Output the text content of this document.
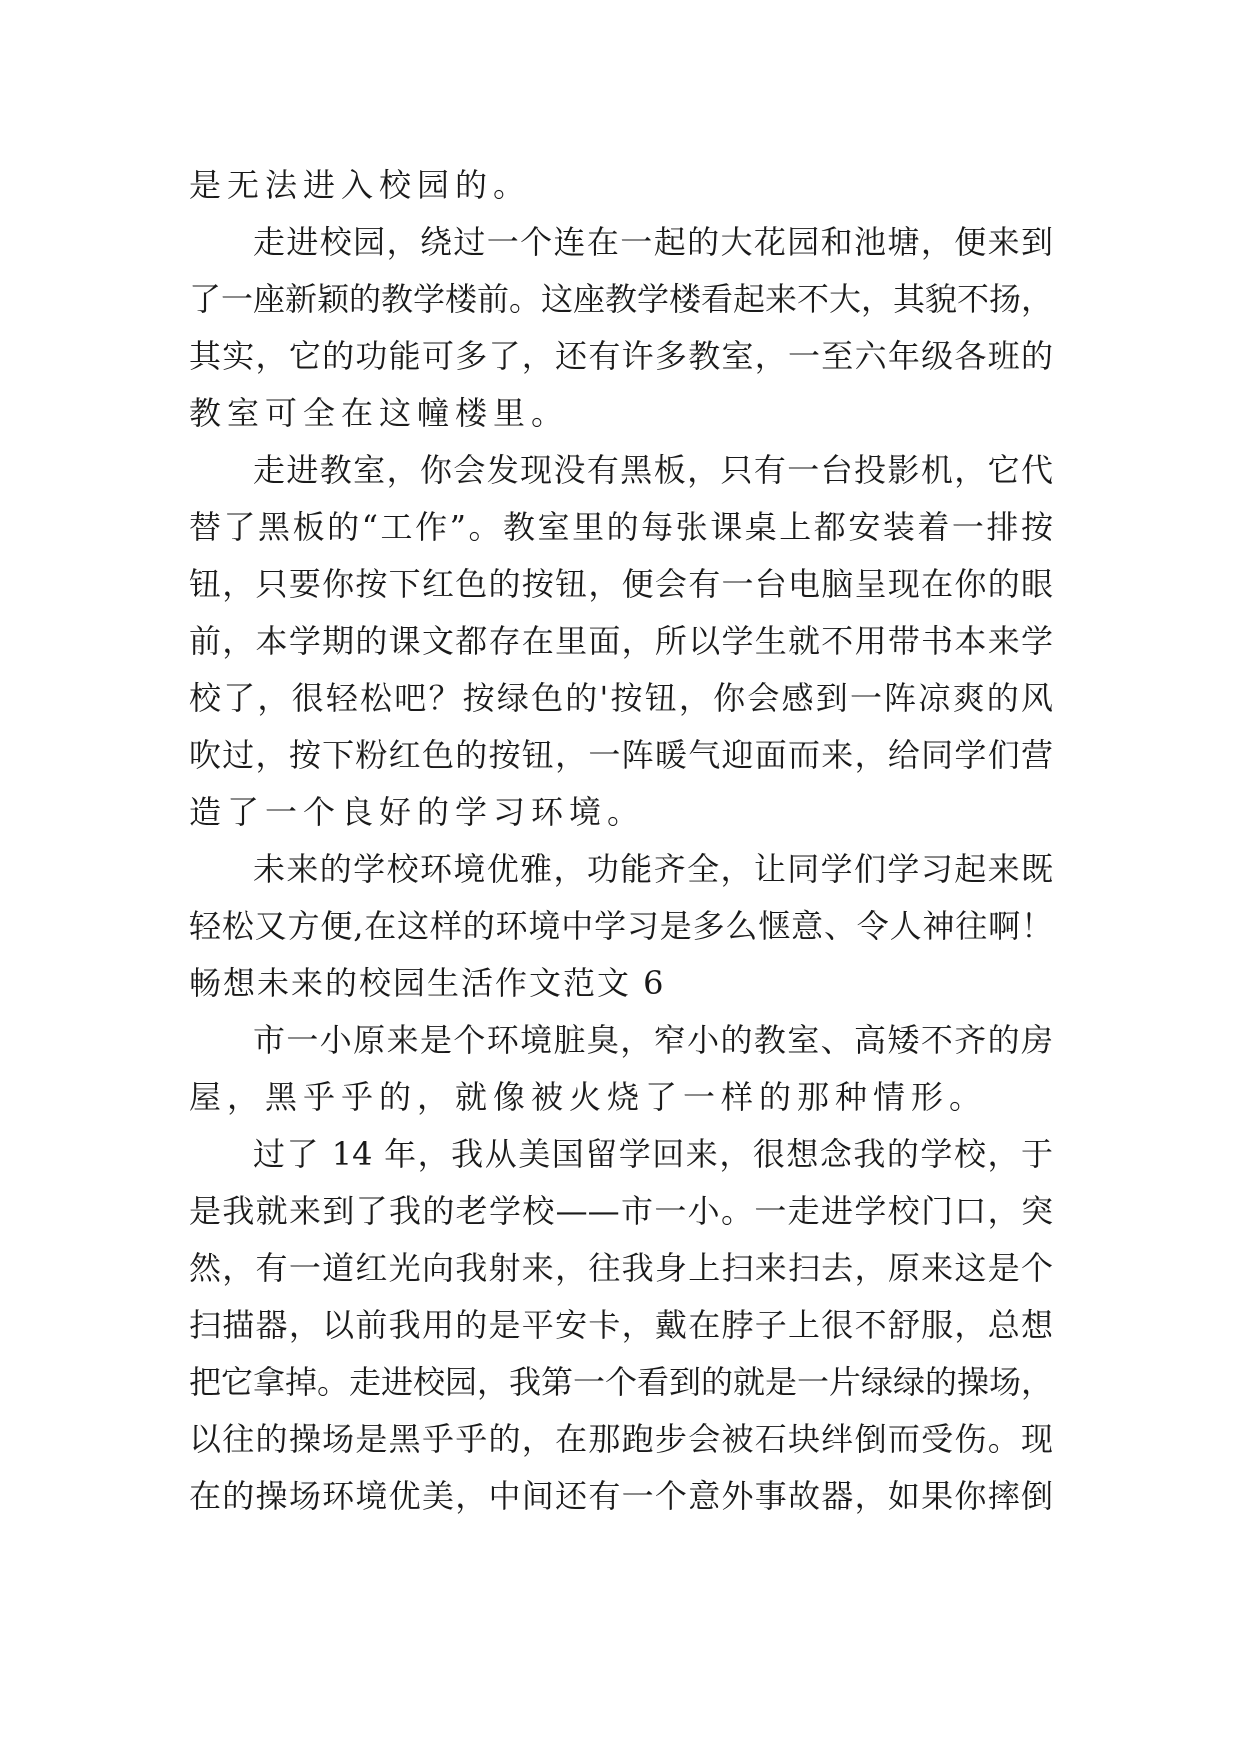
是无法进入校园的。
走进校园，绕过一个连在一起的大花园和池塘，便来到
了一座新颖的教学楼前。这座教学楼看起来不大，其貌不扬，
其实，它的功能可多了，还有许多教室，一至六年级各班的
教室可全在这幢楼里。
走进教室，你会发现没有黑板，只有一台投影机，它代
替了黑板的“工作”。教室里的每张课桌上都安装着一排按
钮，只要你按下红色的按钮，便会有一台电脑呈现在你的眼
前，本学期的课文都存在里面，所以学生就不用带书本来学
校了，很轻松吧？按绿色的'按钮，你会感到一阵凉爽的风
吹过，按下粉红色的按钮，一阵暖气迎面而来，给同学们营
造了一个良好的学习环境。
未来的学校环境优雅，功能齐全，让同学们学习起来既
轻松又方便,在这样的环境中学习是多么惬意、令人神往啊！
畅想未来的校园生活作文范文 6
市一小原来是个环境脏臭，窄小的教室、高矮不齐的房
屋，黑乎乎的，就像被火烧了一样的那种情形。
过了 14 年，我从美国留学回来，很想念我的学校，于
是我就来到了我的老学校——市一小。一走进学校门口，突
然，有一道红光向我射来，往我身上扫来扫去，原来这是个
扫描器，以前我用的是平安卡，戴在脖子上很不舒服，总想
把它拿掉。走进校园，我第一个看到的就是一片绿绿的操场，
以往的操场是黑乎乎的，在那跑步会被石块绊倒而受伤。现
在的操场环境优美，中间还有一个意外事故器，如果你摔倒
